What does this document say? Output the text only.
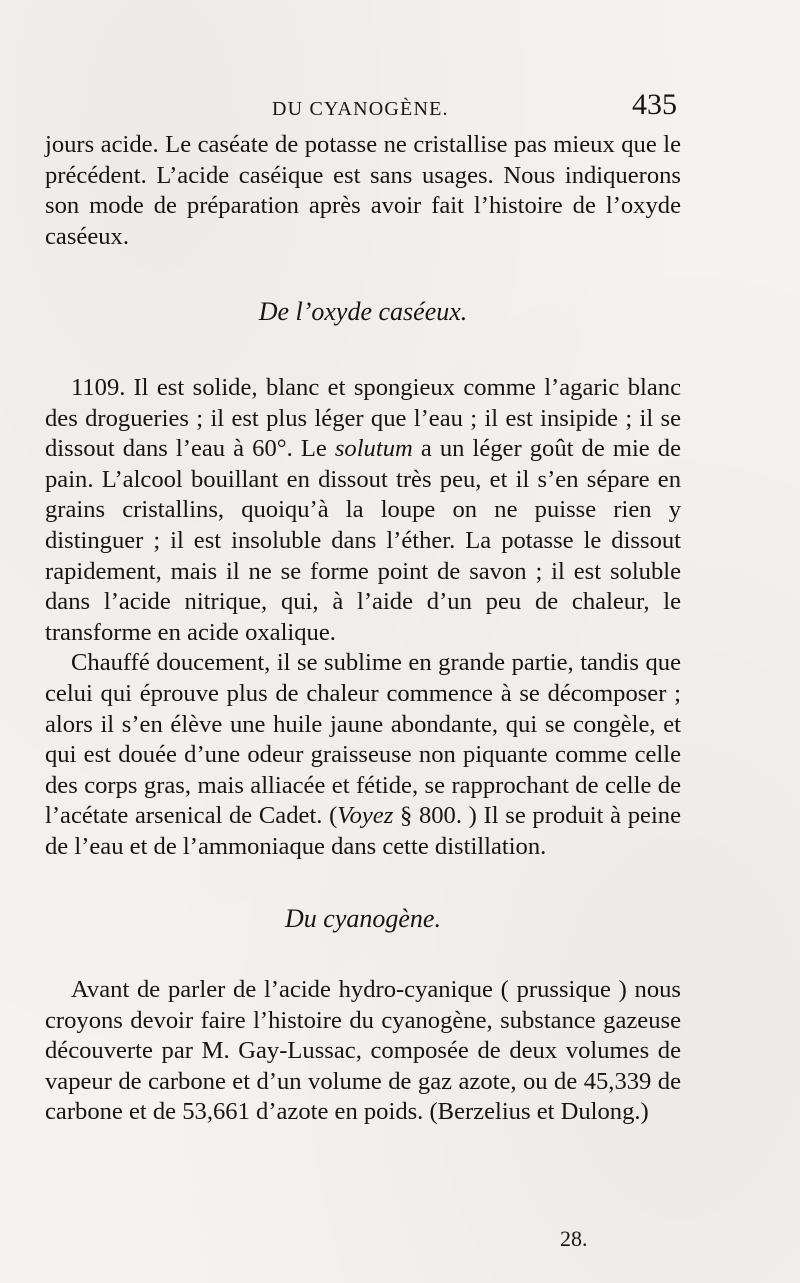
DU CYANOGÈNE.	435

jours acide. Le caséate de potasse ne cristallise pas mieux que le précédent. L’acide caséique est sans usages. Nous indiquerons son mode de préparation après avoir fait l’histoire de l’oxyde caséeux.

De l’oxyde caséeux.

1109. Il est solide, blanc et spongieux comme l’agaric blanc des drogueries ; il est plus léger que l’eau ; il est insipide ; il se dissout dans l’eau à 60°. Le solutum a un léger goût de mie de pain. L’alcool bouillant en dissout très peu, et il s’en sépare en grains cristallins, quoiqu’à la loupe on ne puisse rien y distinguer ; il est insoluble dans l’éther. La potasse le dissout rapidement, mais il ne se forme point de savon ; il est soluble dans l’acide nitrique, qui, à l’aide d’un peu de chaleur, le transforme en acide oxalique.

Chauffé doucement, il se sublime en grande partie, tandis que celui qui éprouve plus de chaleur commence à se décomposer ; alors il s’en élève une huile jaune abondante, qui se congèle, et qui est douée d’une odeur graisseuse non piquante comme celle des corps gras, mais alliacée et fétide, se rapprochant de celle de l’acétate arsenical de Cadet. (Voyez § 800. ) Il se produit à peine de l’eau et de l’ammoniaque dans cette distillation.

Du cyanogène.

Avant de parler de l’acide hydro-cyanique ( prussique ) nous croyons devoir faire l’histoire du cyanogène, substance gazeuse découverte par M. Gay-Lussac, composée de deux volumes de vapeur de carbone et d’un volume de gaz azote, ou de 45,339 de carbone et de 53,661 d’azote en poids. (Berzelius et Dulong.)

28.
